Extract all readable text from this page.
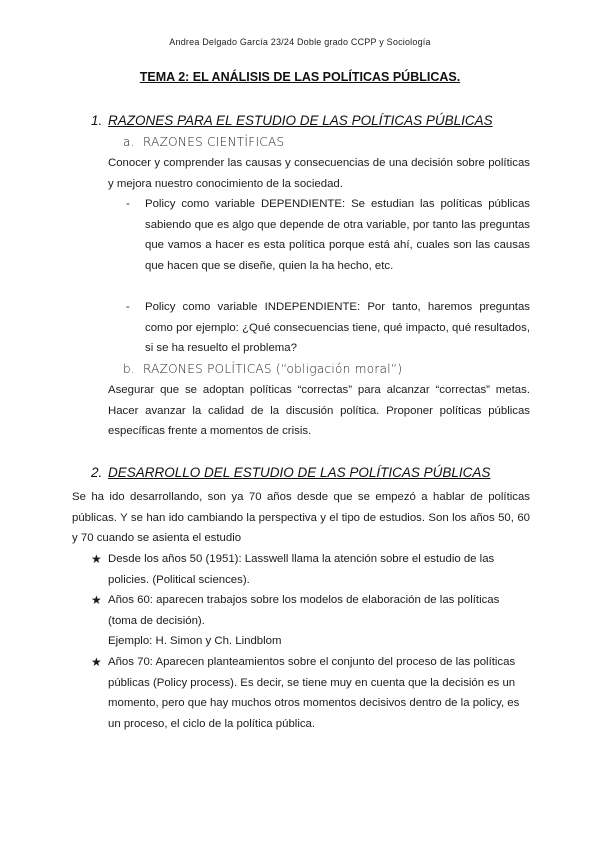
Andrea Delgado García 23/24 Doble grado CCPP y Sociología
TEMA 2: EL ANÁLISIS DE LAS POLÍTICAS PÚBLICAS.
1. RAZONES PARA EL ESTUDIO DE LAS POLÍTICAS PÚBLICAS
a. RAZONES CIENTÍFICAS
Conocer y comprender las causas y consecuencias de una decisión sobre políticas y mejora nuestro conocimiento de la sociedad.
- Policy como variable DEPENDIENTE: Se estudian las políticas públicas sabiendo que es algo que depende de otra variable, por tanto las preguntas que vamos a hacer es esta política porque está ahí, cuales son las causas que hacen que se diseñe, quien la ha hecho, etc.
- Policy como variable INDEPENDIENTE: Por tanto, haremos preguntas como por ejemplo: ¿Qué consecuencias tiene, qué impacto, qué resultados, si se ha resuelto el problema?
b. RAZONES POLÍTICAS (“obligación moral”)
Asegurar que se adoptan políticas “correctas” para alcanzar “correctas” metas. Hacer avanzar la calidad de la discusión política. Proponer políticas públicas específicas frente a momentos de crisis.
2. DESARROLLO DEL ESTUDIO DE LAS POLÍTICAS PÚBLICAS
Se ha ido desarrollando, son ya 70 años desde que se empezó a hablar de políticas públicas. Y se han ido cambiando la perspectiva y el tipo de estudios. Son los años 50, 60 y 70 cuando se asienta el estudio
★ Desde los años 50 (1951): Lasswell llama la atención sobre el estudio de las policies. (Political sciences).
★ Años 60: aparecen trabajos sobre los modelos de elaboración de las políticas (toma de decisión).
Ejemplo: H. Simon y Ch. Lindblom
★ Años 70: Aparecen planteamientos sobre el conjunto del proceso de las políticas públicas (Policy process). Es decir, se tiene muy en cuenta que la decisión es un momento, pero que hay muchos otros momentos decisivos dentro de la policy, es un proceso, el ciclo de la política pública.
